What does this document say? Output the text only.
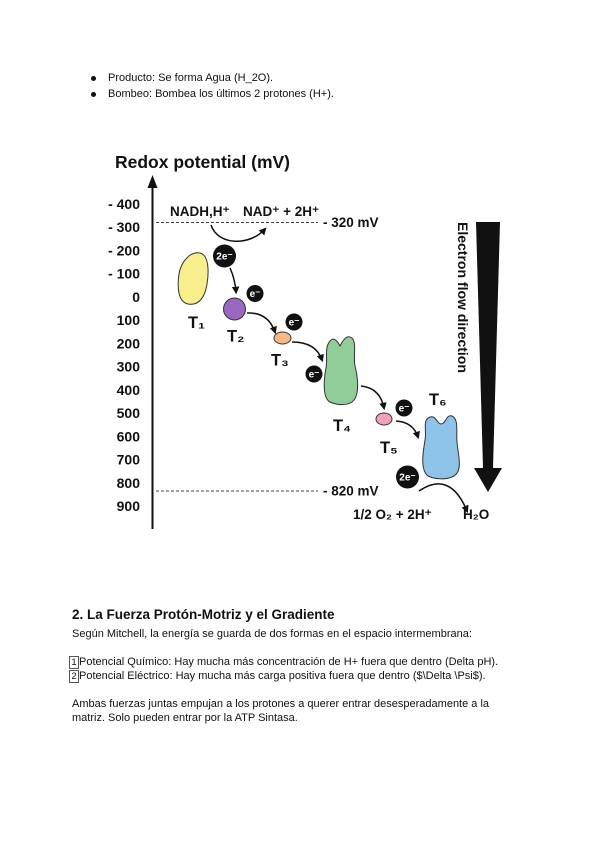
Producto: Se forma Agua (H_2O).
Bombeo: Bombea los últimos 2 protones (H+).
Redox potential (mV)
- 400
- 300
- 200
- 100
0
100
200
300
400
500
600
700
800
900
- 320 mV
- 820 mV
NADH,H⁺ NAD⁺ + 2H⁺
T₁
T₂
T₃
T₄
T₅
T₆
2e⁻
e⁻
e⁻
e⁻
e⁻
2e⁻
1/2 O₂ + 2H⁺ H₂O
Electron flow direction
2. La Fuerza Protón-Motriz y el Gradiente
Según Mitchell, la energía se guarda de dos formas en el espacio intermembrana:
1 Potencial Químico: Hay mucha más concentración de H+ fuera que dentro (Delta pH).
2 Potencial Eléctrico: Hay mucha más carga positiva fuera que dentro ($\Delta \Psi$).
Ambas fuerzas juntas empujan a los protones a querer entrar desesperadamente a la
matriz. Solo pueden entrar por la ATP Sintasa.
